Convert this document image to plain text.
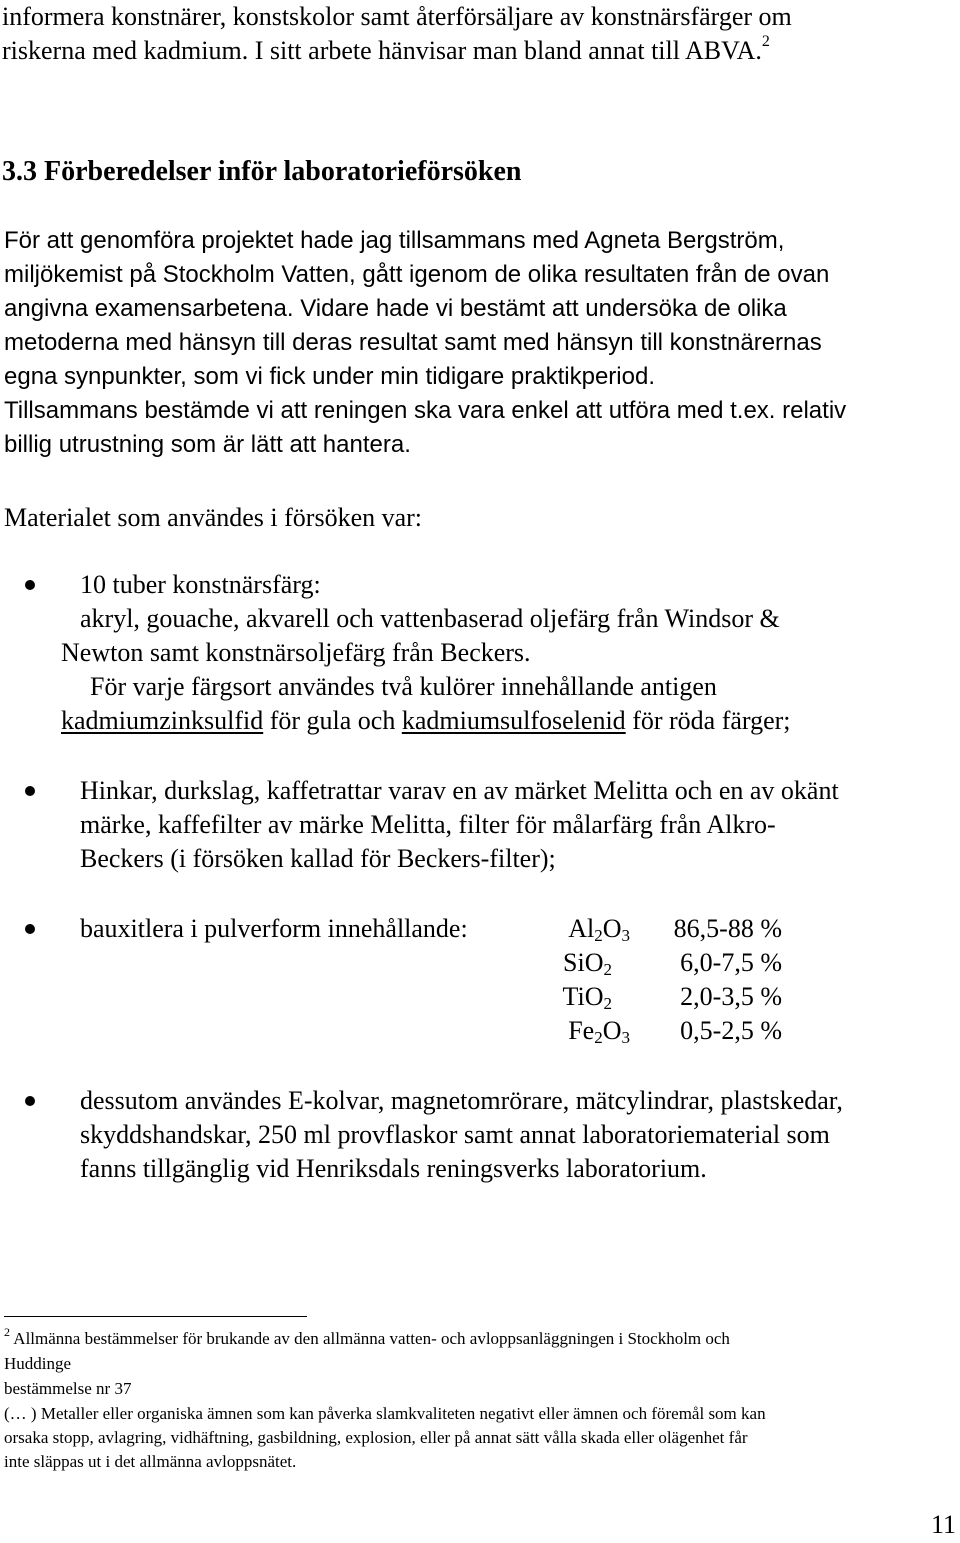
informera konstnärer, konstskolor samt återförsäljare av konstnärsfärger om
riskerna med kadmium. I sitt arbete hänvisar man bland annat till ABVA.$^2$
3.3 Förberedelser inför laboratorieförsöken
För att genomföra projektet hade jag tillsammans med Agneta Bergström,
miljökemist på Stockholm Vatten, gått igenom de olika resultaten från de ovan
angivna examensarbetena. Vidare hade vi bestämt att undersöka de olika
metoderna med hänsyn till deras resultat samt med hänsyn till konstnärernas
egna synpunkter, som vi fick under min tidigare praktikperiod.
Tillsammans bestämde vi att reningen ska vara enkel att utföra med t.ex. relativ
billig utrustning som är lätt att hantera.
Materialet som användes i försöken var:
10 tuber konstnärsfärg:
akryl, gouache, akvarell och vattenbaserad oljefärg från Windsor &
Newton samt konstnärsoljefärg från Beckers.
För varje färgsort användes två kulörer innehållande antigen
kadmiumzinksulfid för gula och kadmiumsulfoselenid för röda färger;
Hinkar, durkslag, kaffetrattar varav en av märket Melitta och en av okänt
märke, kaffefilter av märke Melitta, filter för målarfärg från Alkro-
Beckers (i försöken kallad för Beckers-filter);
bauxitlera i pulverform innehållande:	$Al_2O_3$ 86,5-88 %
SiO$_2$	6,0-7,5 %
TiO$_2$	2,0-3,5 %
$Fe_2O_3$ 0,5-2,5 %
dessutom användes E-kolvar, magnetomrörare, mätcylindrar, plastskedar,
skyddshandskar, 250 ml provflaskor samt annat laboratoriematerial som
fanns tillgänglig vid Henriksdals reningsverks laboratorium.
$^2$ Allmänna bestämmelser för brukande av den allmänna vatten- och avloppsanläggningen i Stockholm och
Huddinge
bestämmelse nr 37
(… ) Metaller eller organiska ämnen som kan påverka slamkvaliteten negativt eller ämnen och föremål som kan
orsaka stopp, avlagring, vidhäftning, gasbildning, explosion, eller på annat sätt vålla skada eller olägenhet får
inte släppas ut i det allmänna avloppsnätet.
11
